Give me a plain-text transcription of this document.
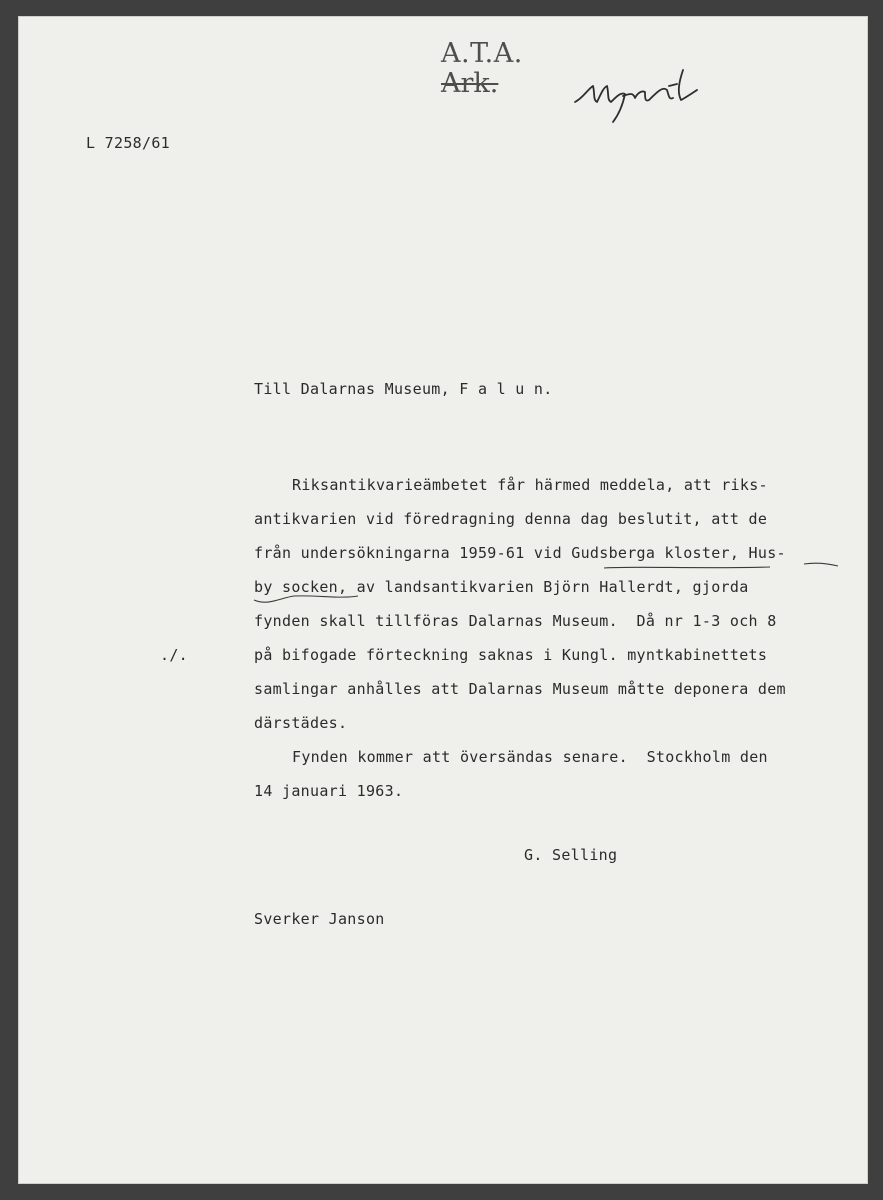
A.T.A.
Ark.
L 7258/61
Till Dalarnas Museum, F a l u n.
Riksantikvarieämbetet får härmed meddela, att riks-
antikvarien vid föredragning denna dag beslutit, att de
från undersökningarna 1959-61 vid Gudsberga kloster, Hus-
by socken, av landsantikvarien Björn Hallerdt, gjorda
fynden skall tillföras Dalarnas Museum.  Då nr 1-3 och 8
på bifogade förteckning saknas i Kungl. myntkabinettets
samlingar anhålles att Dalarnas Museum måtte deponera dem
därstädes.
./.
Fynden kommer att översändas senare.  Stockholm den
14 januari 1963.
G. Selling
Sverker Janson
